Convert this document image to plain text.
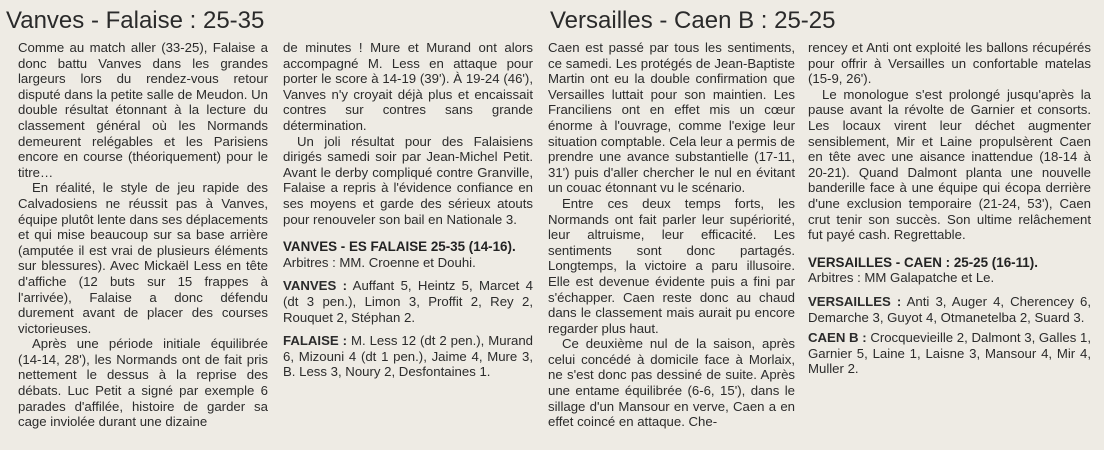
Vanves - Falaise : 25-35

Comme au match aller (33-25), Falaise a donc battu Vanves dans les grandes largeurs lors du rendez-vous retour disputé dans la petite salle de Meudon. Un double résultat étonnant à la lecture du classement général où les Normands demeurent relégables et les Parisiens encore en course (théoriquement) pour le titre…

En réalité, le style de jeu rapide des Calvadosiens ne réussit pas à Vanves, équipe plutôt lente dans ses déplacements et qui mise beaucoup sur sa base arrière (amputée il est vrai de plusieurs éléments sur blessures). Avec Mickaël Less en tête d'affiche (12 buts sur 15 frappes à l'arrivée), Falaise a donc défendu durement avant de placer des courses victorieuses.

Après une période initiale équilibrée (14-14, 28'), les Normands ont de fait pris nettement le dessus à la reprise des débats. Luc Petit a signé par exemple 6 parades d'affilée, histoire de garder sa cage inviolée durant une dizaine

de minutes ! Mure et Murand ont alors accompagné M. Less en attaque pour porter le score à 14-19 (39'). À 19-24 (46'), Vanves n'y croyait déjà plus et encaissait contres sur contres sans grande détermination.

Un joli résultat pour des Falaisiens dirigés samedi soir par Jean-Michel Petit. Avant le derby compliqué contre Granville, Falaise a repris à l'évidence confiance en ses moyens et garde des sérieux atouts pour renouveler son bail en Nationale 3.

VANVES - ES FALAISE 25-35 (14-16).

Arbitres : MM. Croenne et Douhi.

VANVES : Auffant 5, Heintz 5, Marcet 4 (dt 3 pen.), Limon 3, Proffit 2, Rey 2, Rouquet 2, Stéphan 2.

FALAISE : M. Less 12 (dt 2 pen.), Murand 6, Mizouni 4 (dt 1 pen.), Jaime 4, Mure 3, B. Less 3, Noury 2, Desfontaines 1.

Versailles - Caen B : 25-25

Caen est passé par tous les sentiments, ce samedi. Les protégés de Jean-Baptiste Martin ont eu la double confirmation que Versailles luttait pour son maintien. Les Franciliens ont en effet mis un cœur énorme à l'ouvrage, comme l'exige leur situation comptable. Cela leur a permis de prendre une avance substantielle (17-11, 31') puis d'aller chercher le nul en évitant un couac étonnant vu le scénario.

Entre ces deux temps forts, les Normands ont fait parler leur supériorité, leur altruisme, leur efficacité. Les sentiments sont donc partagés. Longtemps, la victoire a paru illusoire. Elle est devenue évidente puis a fini par s'échapper. Caen reste donc au chaud dans le classement mais aurait pu encore regarder plus haut.

Ce deuxième nul de la saison, après celui concédé à domicile face à Morlaix, ne s'est donc pas dessiné de suite. Après une entame équilibrée (6-6, 15'), dans le sillage d'un Mansour en verve, Caen a en effet coincé en attaque. Che-

rencey et Anti ont exploité les ballons récupérés pour offrir à Versailles un confortable matelas (15-9, 26').

Le monologue s'est prolongé jusqu'après la pause avant la révolte de Garnier et consorts. Les locaux virent leur déchet augmenter sensiblement, Mir et Laine propulsèrent Caen en tête avec une aisance inattendue (18-14 à 20-21). Quand Dalmont planta une nouvelle banderille face à une équipe qui écopa derrière d'une exclusion temporaire (21-24, 53'), Caen crut tenir son succès. Son ultime relâchement fut payé cash. Regrettable.

VERSAILLES - CAEN : 25-25 (16-11).

Arbitres : MM Galapatche et Le.

VERSAILLES : Anti 3, Auger 4, Cherencey 6, Demarche 3, Guyot 4, Otmanetelba 2, Suard 3.

CAEN B : Crocquevieille 2, Dalmont 3, Galles 1, Garnier 5, Laine 1, Laisne 3, Mansour 4, Mir 4, Muller 2.
